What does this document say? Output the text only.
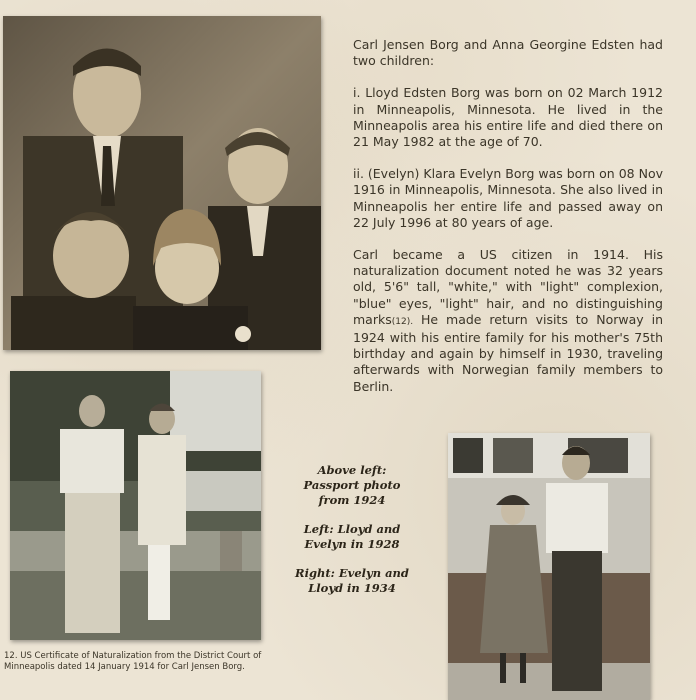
Carl Jensen Borg and Anna Georgine Edsten had two children:

i. Lloyd Edsten Borg was born on 02 March 1912 in Minneapolis, Minnesota. He lived in the Minneapolis area his entire life and died there on 21 May 1982 at the age of 70.

ii. (Evelyn) Klara Evelyn Borg was born on 08 Nov 1916 in Minneapolis, Minnesota. She also lived in Minneapolis her entire life and passed away on 22 July 1996 at 80 years of age.

Carl became a US citizen in 1914. His naturalization document noted he was 32 years old, 5'6" tall, "white," with "light" complexion, "blue" eyes, "light" hair, and no distinguishing marks(12). He made return visits to Norway in 1924 with his entire family for his mother's 75th birthday and again by himself in 1930, traveling afterwards with Norwegian family members to Berlin.

Above left: Passport photo from 1924
Left: Lloyd and Evelyn in 1928
Right: Evelyn and Lloyd in 1934
12. US Certificate of Naturalization from the District Court of Minneapolis dated 14 January 1914 for Carl Jensen Borg.
